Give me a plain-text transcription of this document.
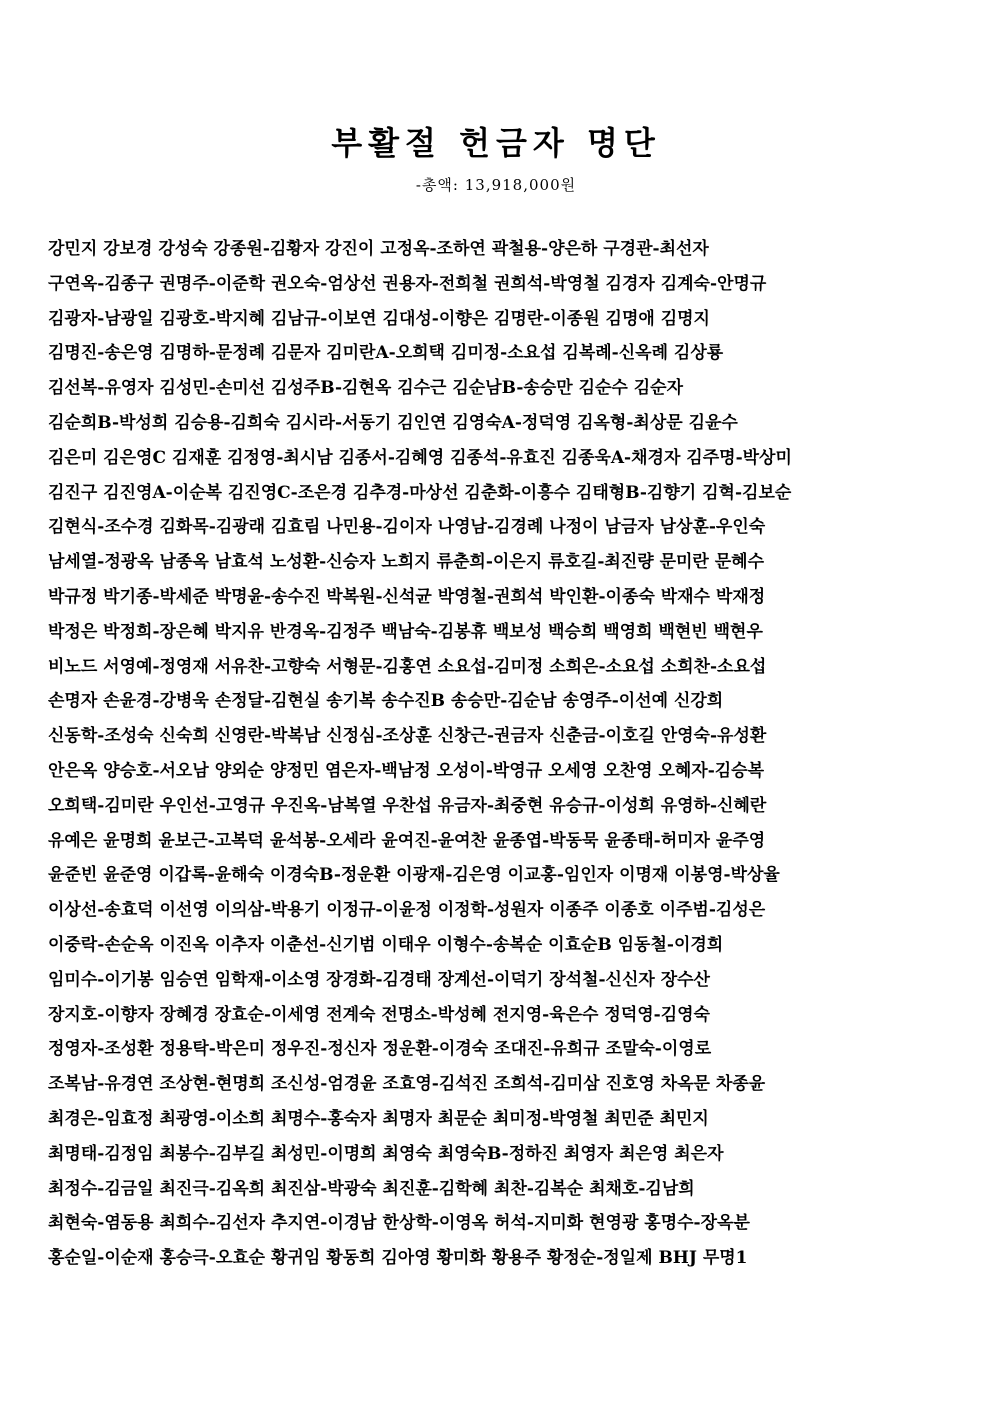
부활절 헌금자 명단
-총액: 13,918,000원
강민지 강보경 강성숙 강종원-김황자 강진이 고정옥-조하연 곽철용-양은하 구경관-최선자
구연옥-김종구 권명주-이준학 권오숙-엄상선 권용자-전희철 권희석-박영철 김경자 김계숙-안명규
김광자-남광일 김광호-박지혜 김남규-이보연 김대성-이향은 김명란-이종원 김명애 김명지
김명진-송은영 김명하-문정례 김문자 김미란A-오희택 김미정-소요섭 김복례-신옥례 김상룡
김선복-유영자 김성민-손미선 김성주B-김현옥 김수근 김순남B-송승만 김순수 김순자
김순희B-박성희 김승용-김희숙 김시라-서동기 김인연 김영숙A-정덕영 김옥형-최상문 김윤수
김은미 김은영C 김재훈 김정영-최시남 김종서-김혜영 김종석-유효진 김종욱A-채경자 김주명-박상미
김진구 김진영A-이순복 김진영C-조은경 김추경-마상선 김춘화-이흥수 김태형B-김향기 김혁-김보순
김현식-조수경 김화목-김광래 김효림 나민용-김이자 나영남-김경례 나정이 남금자 남상훈-우인숙
남세열-정광옥 남종옥 남효석 노성환-신승자 노희지 류춘희-이은지 류호길-최진량 문미란 문혜수
박규정 박기종-박세준 박명윤-송수진 박복원-신석균 박영철-권희석 박인환-이종숙 박재수 박재정
박정은 박정희-장은혜 박지유 반경옥-김정주 백남숙-김봉휴 백보성 백승희 백영희 백현빈 백현우
비노드 서영예-정영재 서유찬-고향숙 서형문-김홍연 소요섭-김미정 소희은-소요섭 소희찬-소요섭
손명자 손윤경-강병욱 손정달-김현실 송기복 송수진B 송승만-김순남 송영주-이선예 신강희
신동학-조성숙 신숙희 신영란-박복남 신정심-조상훈 신창근-권금자 신춘금-이호길 안영숙-유성환
안은옥 양승호-서오남 양외순 양정민 염은자-백남정 오성이-박영규 오세영 오찬영 오혜자-김승복
오희택-김미란 우인선-고영규 우진옥-남복열 우찬섭 유금자-최중현 유승규-이성희 유영하-신혜란
유예은 윤명희 윤보근-고복덕 윤석봉-오세라 윤여진-윤여찬 윤종엽-박동묵 윤종태-허미자 윤주영
윤준빈 윤준영 이갑록-윤해숙 이경숙B-정운환 이광재-김은영 이교홍-임인자 이명재 이봉영-박상율
이상선-송효덕 이선영 이의삼-박용기 이정규-이윤정 이정학-성원자 이종주 이종호 이주범-김성은
이중락-손순옥 이진옥 이추자 이춘선-신기범 이태우 이형수-송복순 이효순B 임동철-이경희
임미수-이기봉 임승연 임학재-이소영 장경화-김경태 장계선-이덕기 장석철-신신자 장수산
장지호-이향자 장혜경 장효순-이세영 전계숙 전명소-박성혜 전지영-육은수 정덕영-김영숙
정영자-조성환 정용탁-박은미 정우진-정신자 정운환-이경숙 조대진-유희규 조말숙-이영로
조복남-유경연 조상현-현명희 조신성-엄경윤 조효영-김석진 조희석-김미삼 진호영 차옥문 차종윤
최경은-임효정 최광영-이소희 최명수-홍숙자 최명자 최문순 최미정-박영철 최민준 최민지
최명태-김정임 최봉수-김부길 최성민-이명희 최영숙 최영숙B-정하진 최영자 최은영 최은자
최정수-김금일 최진극-김옥희 최진삼-박광숙 최진훈-김학혜 최찬-김복순 최채호-김남희
최현숙-염동용 최희수-김선자 추지연-이경남 한상학-이영옥 허석-지미화 현영광 홍명수-장옥분
홍순일-이순재 홍승극-오효순 황귀임 황동희 김아영 황미화 황용주 황정순-정일제 BHJ 무명1
